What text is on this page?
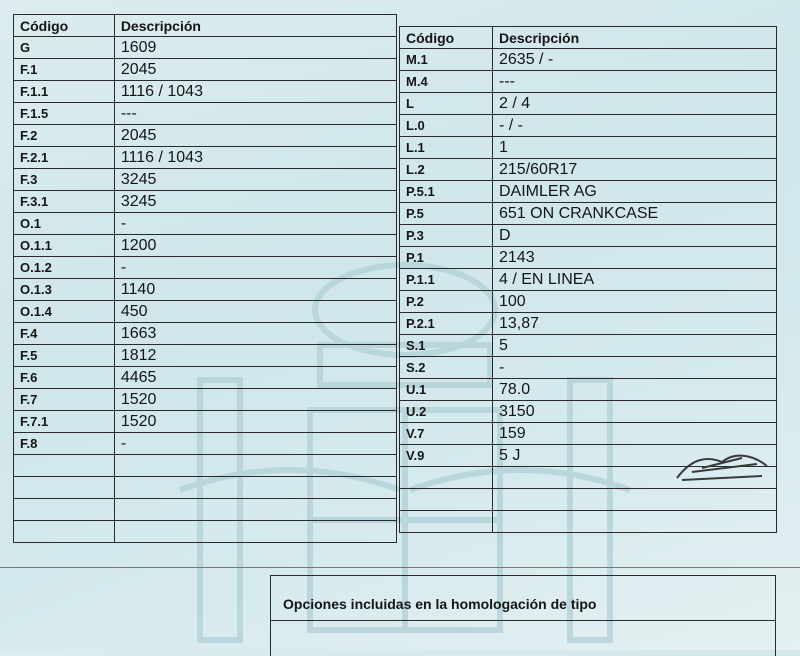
Código	Descripción
G	1609
F.1	2045
F.1.1	1116 / 1043
F.1.5	---
F.2	2045
F.2.1	1116 / 1043
F.3	3245
F.3.1	3245
O.1	-
O.1.1	1200
O.1.2	-
O.1.3	1140
O.1.4	450
F.4	1663
F.5	1812
F.6	4465
F.7	1520
F.7.1	1520
F.8	-

Código	Descripción
M.1	2635 / -
M.4	---
L	2 / 4
L.0	- / -
L.1	1
L.2	215/60R17
P.5.1	DAIMLER AG
P.5	651 ON CRANKCASE
P.3	D
P.1	2143
P.1.1	4 / EN LINEA
P.2	100
P.2.1	13,87
S.1	5
S.2	-
U.1	78.0
U.2	3150
V.7	159
V.9	5 J

Opciones incluidas en la homologación de tipo
